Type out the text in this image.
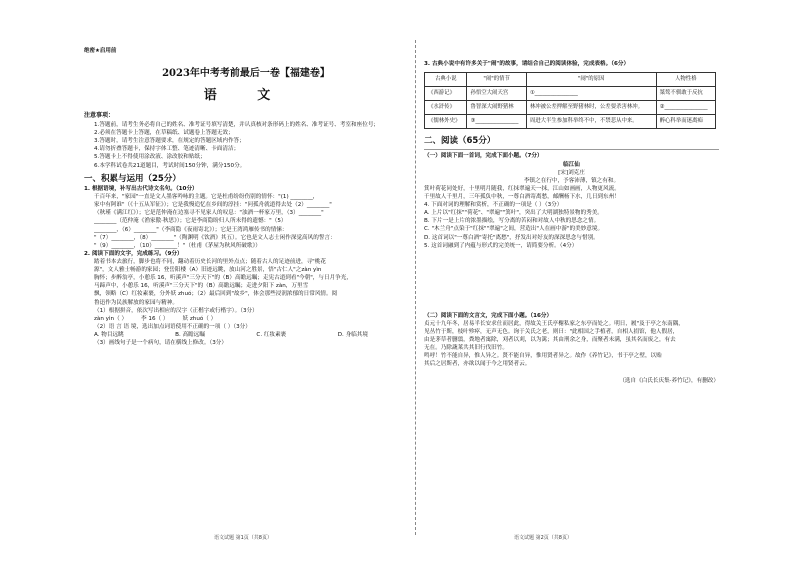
绝密★启用前
2023年中考考前最后一卷【福建卷】
语 文
注意事项：
1.答题前，请考生务必将自己的姓名、准考证号填写清楚，并认真核对条形码上的姓名、准考证号、考室和座位号；
2.必须在答题卡上答题，在草稿纸、试题卷上答题无效；
3.答题时，请考生注意答题要求，在规定的答题区域内作答；
4.请勿折叠答题卡，保持字体工整、笔迹清晰、卡面清洁；
5.答题卡上不得使用涂改液、涂改胶和贴纸；
6.本学科试卷共21道题目，考试时间150分钟，满分150分。
一、积累与运用（25分）
1. 根据语境，补写出古代诗文名句。（10分）
千百年来，"家园"一直是文人墨客吟咏的主题。它是杜甫纷纷伤别的情怀："(1) ________，
家中有阿谁"（《十五从军征》）；它是我慢追忆在乡间的淳挂："问孤舟就道得去处（2）________"
（秋瑾《满江红》）；它是范仲淹在边塞寻不见家人的叹息："浊酒一杯家万里，（3）________"
________（范仲淹《渔家傲·秋思》）；它是李商隐盼归人所未得的遗憾："（5）
________，（6）________"（李商隐《夜雨寄北》）；它是王湾鸿雁传书的情愫：
"（7）________，（8）________"（陶渊明《饮酒》其五）。它也是文人志士闲作深觉高风的誓言：
"（9）________，（10）________！"（杜甫《茅屋为秋风所破歌》）
2. 阅读下面的文字，完成练习。（9分）
踏着书本去旅行，脚步也将不同，翻动着历史长河的里外点点；随着古人的足迹前进，寻"桃花
源"，文人雅士畅游的家园；登岳阳楼（A）旧迹远眺，放山河之胜景，悟"古仁人"之zàn yìn
胸怀；步醉翁亭，小憩乐 16，听溪声"三分天下"的（B）高瞻远瞩；走宪古道到看"今朝"，与日月争光，
马蹄声中，小憩乐 16，听溪声"三分天下"的（B）高瞻远瞩；走进夕阳下 zàn，万里雪
飘，领略（C）红妆素裹，分外妖 zhuó；（2）最后回到"故乡"，体会那些浸润浓郁的日常风情。阅
鲁迅作为民族解放的家园与精神。
（1）根据拼音，依次写出相应的汉字（正楷字或行楷字）。（3分）
zàn yìn（ ）　　　李 16（ ）　　　妖 zhuó（ ）
（2）语 言 语 境，选出加点词语使用不正确的一项（ ）（3分）
A. 物目远眺	B. 高瞻远瞩	C. 红妆素裹	D. 身临其境
（3）画线句子是一个病句，请在横线上修改。（3分）
3. 古典小说中有许多关于"闹"的故事，请结合自己的阅读体验，完成表格。（6分）
古典小说	"闹"的情节	"闹"的原因	人物性格
《西游记》	孙悟空大闹天宫	①________________	桀骜不驯敢于反抗
《水浒传》	鲁智深大闹野猪林	林冲被公差押解至野猪林时，公差要杀害林冲。	②________________
《儒林外史》	③________________	周进大半生参加科举终不中，不禁悲从中来。	醉心科举而迷离痴
二、阅读（65分）
（一）阅读下面一首词，完成下面小题。（7分）
临江仙
[宋]刘克庄
李镇之在行中，予客沛薄，镇之有和。
箕叶荷花同处好，十里明月随我，红抹翠遍天一抹，江山如画画，人物更风流。
千里故人千里月，三年孤负中秋，一尊白酒寄离愁，邮酬杨下水，几日到东州！
4. 下面对词的理解和赏析，不正确的一项是（ ）（3分）
A. 上片以"红抹""荷花"、"翠遍""箕叶"，突出了大明湖独特景物的秀美。
B. 下片一是上片的浓墨描绘，写分离的苦闷和对故人中秋的思念之情。
C. "木兰舟"点染于"红抹""翠遍"之间，营造出"人在画中游"的美妙意境。
D. 这首词以"一尊白酒"寄托"离愁"，抒发出对好友的深深思念与惜别。
5. 这首词融到了内蕴与形式的完美统一，请简要分析。（4分）
（二）阅读下面的文言文，完成下面小题。（16分）
贞元十九年冬，居易半长安求仕而居此，得故关王氏亭榭私家之东亭而处之。明日，履"及于亭之东南隅，
见丛竹于斯，枝叶殄瘁，无声无色。询于关氏之老，则曰："此相国之手植者，自相人捐馆，他人假居，
由是茅草者删翦，粪地者寓除，刈者以刈，以为篱；其由刑余之身，而聚者未满，虽其名而废之，有去
无在。乃除蔬莱共其旧行伐旧竹。
鸣呼！竹不能自异，惟人异之。贤不能自异，惟用贤者异之。故作《养竹记》，书于亭之壁，以贻
其后之居斯者，亦欲以闻于今之用贤者云。
（选自《白氏长庆集·养竹记》，有删改）
语文试题 第1页（共8页）	语文试题 第2页（共8页）
